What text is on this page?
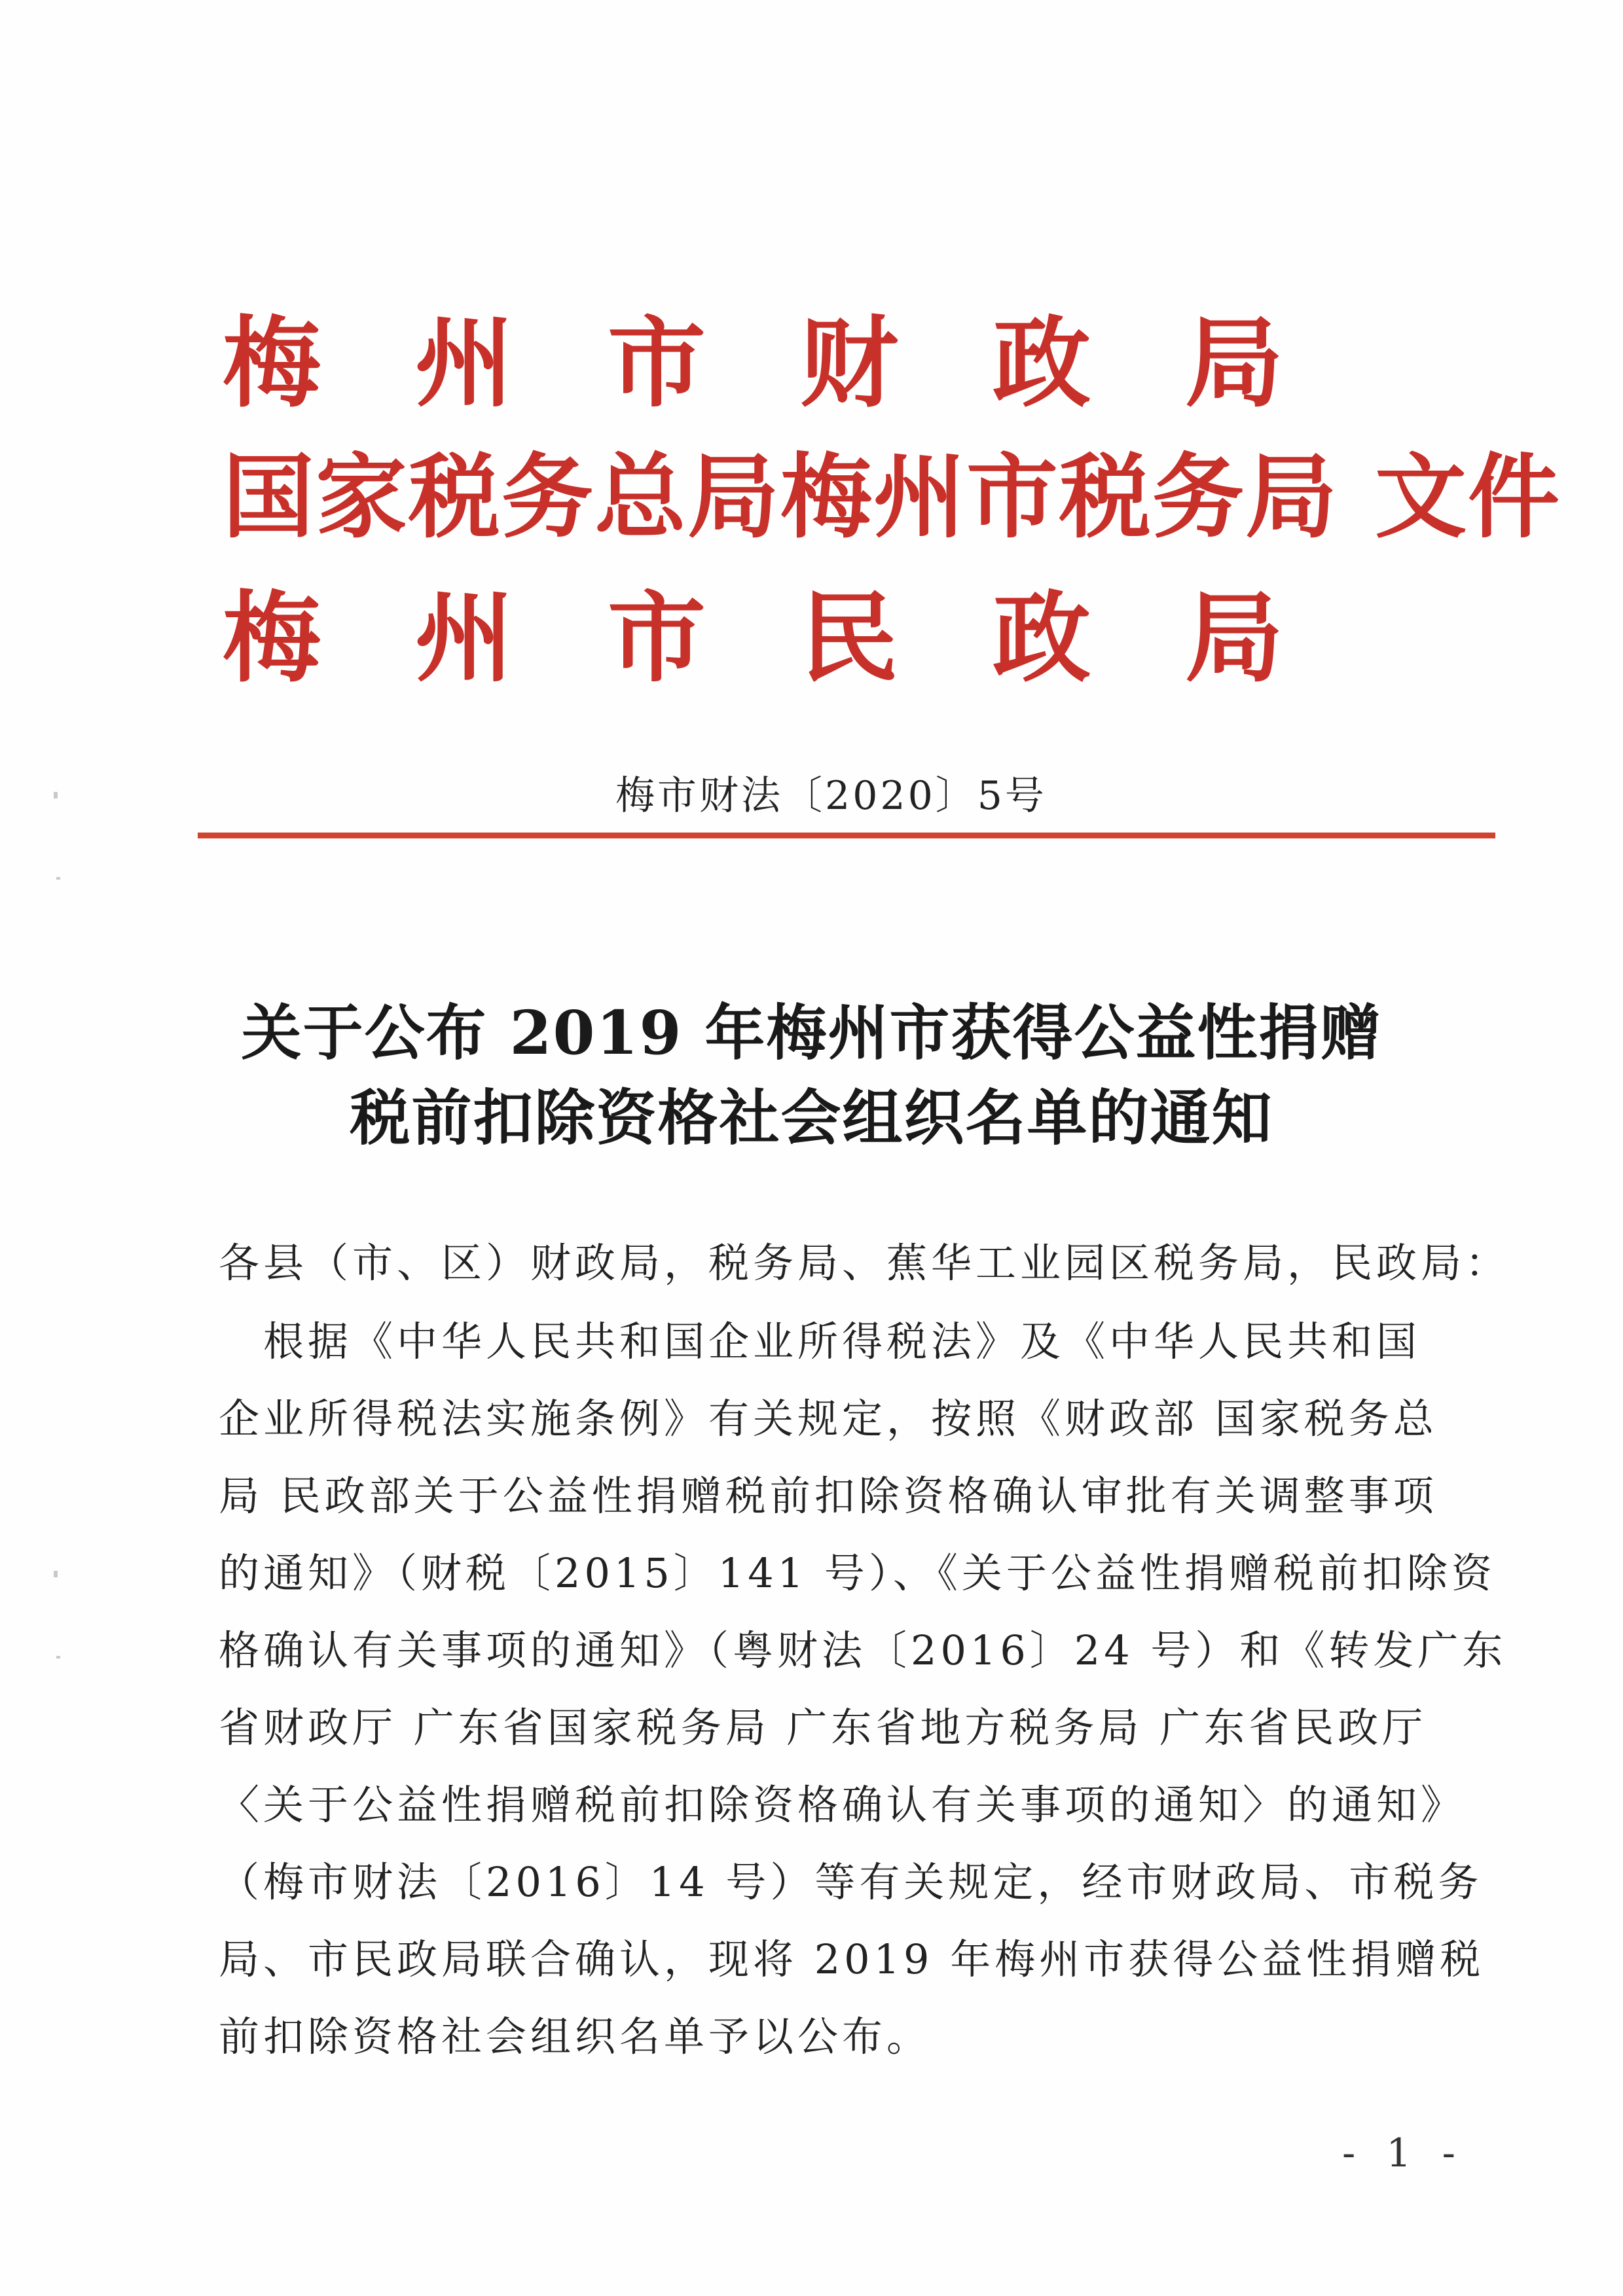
梅 州 市 财 政 局
国家税务总局梅州市税务局 文件
梅 州 市 民 政 局
梅市财法〔2020〕5号
关于公布 2019 年梅州市获得公益性捐赠
税前扣除资格社会组织名单的通知
各县（市、区）财政局，税务局、蕉华工业园区税务局，民政局：
　根据《中华人民共和国企业所得税法》及《中华人民共和国
企业所得税法实施条例》有关规定，按照《财政部 国家税务总
局 民政部关于公益性捐赠税前扣除资格确认审批有关调整事项
的通知》（财税〔2015〕141 号）、《关于公益性捐赠税前扣除资
格确认有关事项的通知》（粤财法〔2016〕24 号）和《转发广东
省财政厅 广东省国家税务局 广东省地方税务局 广东省民政厅
〈关于公益性捐赠税前扣除资格确认有关事项的通知〉的通知》
（梅市财法〔2016〕14 号）等有关规定，经市财政局、市税务
局、市民政局联合确认，现将 2019 年梅州市获得公益性捐赠税
前扣除资格社会组织名单予以公布。
- 1 -
